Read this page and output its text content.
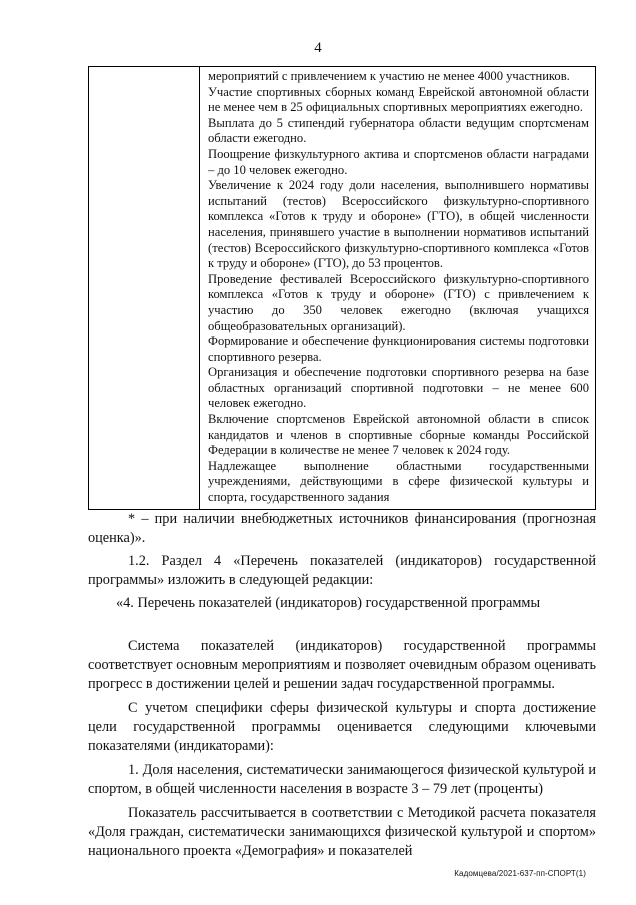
4

мероприятий с привлечением к участию не менее 4000 участников.

Участие спортивных сборных команд Еврейской автономной области не менее чем в 25 официальных спортивных мероприятиях ежегодно.

Выплата до 5 стипендий губернатора области ведущим спортсменам области ежегодно.

Поощрение физкультурного актива и спортсменов области наградами – до 10 человек ежегодно.

Увеличение к 2024 году доли населения, выполнившего нормативы испытаний (тестов) Всероссийского физкультурно-спортивного комплекса «Готов к труду и обороне» (ГТО), в общей численности населения, принявшего участие в выполнении нормативов испытаний (тестов) Всероссийского физкультурно-спортивного комплекса «Готов к труду и обороне» (ГТО), до 53 процентов.

Проведение фестивалей Всероссийского физкультурно-спортивного комплекса «Готов к труду и обороне» (ГТО) с привлечением к участию до 350 человек ежегодно (включая учащихся общеобразовательных организаций).

Формирование и обеспечение функционирования системы подготовки спортивного резерва.

Организация и обеспечение подготовки спортивного резерва на базе областных организаций спортивной подготовки – не менее 600 человек ежегодно.

Включение спортсменов Еврейской автономной области в список кандидатов и членов в спортивные сборные команды Российской Федерации в количестве не менее 7 человек к 2024 году.

Надлежащее выполнение областными государственными учреждениями, действующими в сфере физической культуры и спорта, государственного задания

* – при наличии внебюджетных источников финансирования (прогнозная оценка)».

1.2. Раздел 4 «Перечень показателей (индикаторов) государственной программы» изложить в следующей редакции:

«4. Перечень показателей (индикаторов) государственной программы

Система показателей (индикаторов) государственной программы соответствует основным мероприятиям и позволяет очевидным образом оценивать прогресс в достижении целей и решении задач государственной программы.

С учетом специфики сферы физической культуры и спорта достижение цели государственной программы оценивается следующими ключевыми показателями (индикаторами):

1. Доля населения, систематически занимающегося физической культурой и спортом, в общей численности населения в возрасте 3 – 79 лет (проценты)

Показатель рассчитывается в соответствии с Методикой расчета показателя «Доля граждан, систематически занимающихся физической культурой и спортом» национального проекта «Демография» и показателей

Кадомцева/2021-637-пп-СПОРТ(1)
